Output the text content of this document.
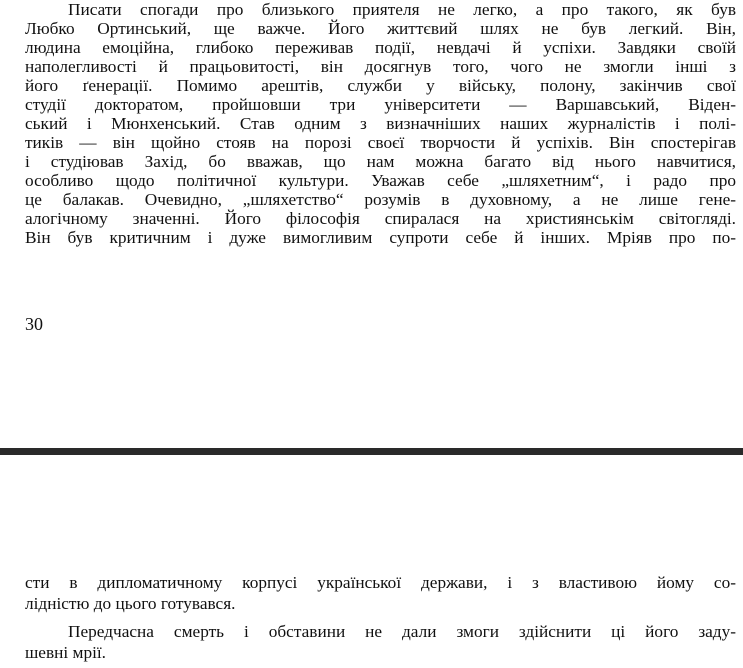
Писати спогади про близького приятеля не легко, а про такого, як був
Любко Ортинський, ще важче. Його життєвий шлях не був легкий. Він,
людина емоційна, глибоко переживав події, невдачі й успіхи. Завдяки своїй
наполегливості й працьовитості, він досягнув того, чого не змогли інші з
його ґенерації. Помимо арештів, служби у війську, полону, закінчив свої
студії докторатом, пройшовши три університети — Варшавський, Віден-
ський і Мюнхенський. Став одним з визначніших наших журналістів і полі-
тиків — він щойно стояв на порозі своєї творчости й успіхів. Він спостерігав
і студіював Захід, бо вважав, що нам можна багато від нього навчитися,
особливо щодо політичної культури. Уважав себе „шляхетним“, і радо про
це балакав. Очевидно, „шляхетство“ розумів в духовному, а не лише гене-
алогічному значенні. Його філософія спиралася на християнськім світогляді.
Він був критичним і дуже вимогливим супроти себе й інших. Мріяв про по-
30
сти в дипломатичному корпусі української держави, і з властивою йому со-
лідністю до цього готувався.
Передчасна смерть і обставини не дали змоги здійснити ці його заду-
шевні мрії.
